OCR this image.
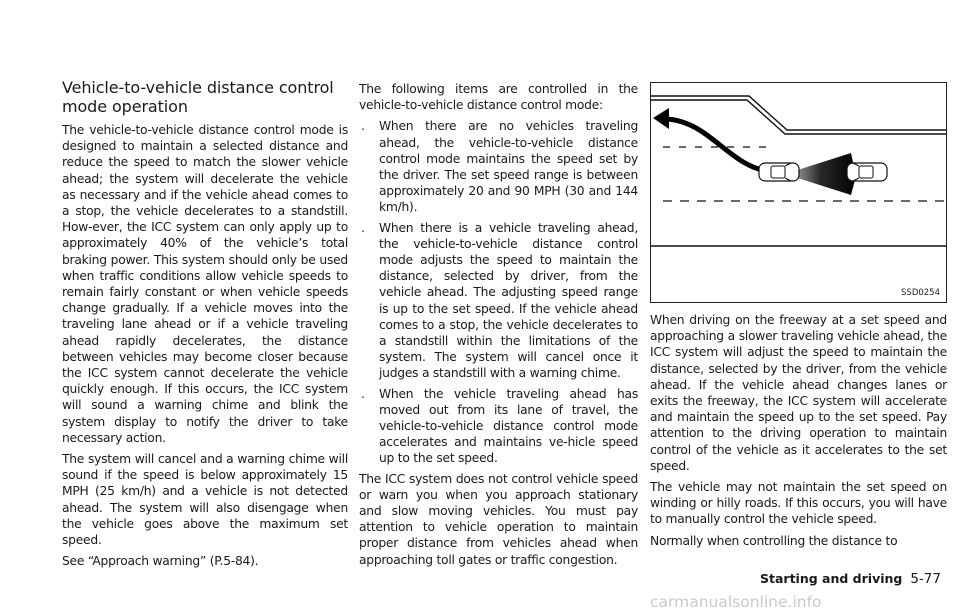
Vehicle-to-vehicle distance control mode operation

The vehicle-to-vehicle distance control mode is designed to maintain a selected distance and reduce the speed to match the slower vehicle ahead; the system will decelerate the vehicle as necessary and if the vehicle ahead comes to a stop, the vehicle decelerates to a standstill. How-ever, the ICC system can only apply up to approximately 40% of the vehicle’s total braking power. This system should only be used when traffic conditions allow vehicle speeds to remain fairly constant or when vehicle speeds change gradually. If a vehicle moves into the traveling lane ahead or if a vehicle traveling ahead rapidly decelerates, the distance between vehicles may become closer because the ICC system cannot decelerate the vehicle quickly enough. If this occurs, the ICC system will sound a warning chime and blink the system display to notify the driver to take necessary action.

The system will cancel and a warning chime will sound if the speed is below approximately 15 MPH (25 km/h) and a vehicle is not detected ahead. The system will also disengage when the vehicle goes above the maximum set speed.

See “Approach warning” (P.5-84).

The following items are controlled in the vehicle-to-vehicle distance control mode:

. When there are no vehicles traveling ahead, the vehicle-to-vehicle distance control mode maintains the speed set by the driver. The set speed range is between approximately 20 and 90 MPH (30 and 144 km/h).
. When there is a vehicle traveling ahead, the vehicle-to-vehicle distance control mode adjusts the speed to maintain the distance, selected by driver, from the vehicle ahead. The adjusting speed range is up to the set speed. If the vehicle ahead comes to a stop, the vehicle decelerates to a standstill within the limitations of the system. The system will cancel once it judges a standstill with a warning chime.
. When the vehicle traveling ahead has moved out from its lane of travel, the vehicle-to-vehicle distance control mode accelerates and maintains ve-hicle speed up to the set speed.

The ICC system does not control vehicle speed or warn you when you approach stationary and slow moving vehicles. You must pay attention to vehicle operation to maintain proper distance from vehicles ahead when approaching toll gates or traffic congestion.

SSD0254

When driving on the freeway at a set speed and approaching a slower traveling vehicle ahead, the ICC system will adjust the speed to maintain the distance, selected by the driver, from the vehicle ahead. If the vehicle ahead changes lanes or exits the freeway, the ICC system will accelerate and maintain the speed up to the set speed. Pay attention to the driving operation to maintain control of the vehicle as it accelerates to the set speed.

The vehicle may not maintain the set speed on winding or hilly roads. If this occurs, you will have to manually control the vehicle speed.

Normally when controlling the distance to

Starting and driving 5-77
carmanualsonline.info
